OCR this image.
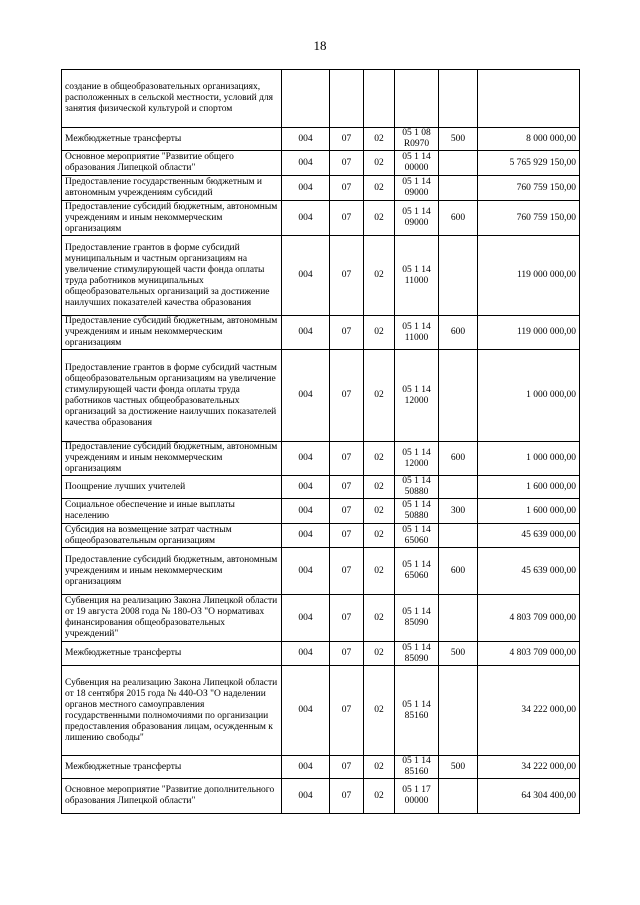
18
создание в общеобразовательных организациях, расположенных в сельской местности, условий для занятия физической культурой и спортом						
Межбюджетные трансферты	004	07	02	05 1 08 R0970	500	8 000 000,00
Основное мероприятие "Развитие общего образования Липецкой области"	004	07	02	05 1 14 00000		5 765 929 150,00
Предоставление государственным бюджетным и автономным учреждениям субсидий	004	07	02	05 1 14 09000		760 759 150,00
Предоставление субсидий бюджетным, автономным учреждениям и иным некоммерческим организациям	004	07	02	05 1 14 09000	600	760 759 150,00
Предоставление грантов в форме субсидий муниципальным и частным организациям на увеличение стимулирующей части фонда оплаты труда работников муниципальных общеобразовательных организаций за достижение наилучших показателей качества образования	004	07	02	05 1 14 11000		119 000 000,00
Предоставление субсидий бюджетным, автономным учреждениям и иным некоммерческим организациям	004	07	02	05 1 14 11000	600	119 000 000,00
Предоставление грантов в форме субсидий частным общеобразовательным организациям на увеличение стимулирующей части фонда оплаты труда работников частных общеобразовательных организаций за достижение наилучших показателей качества образования	004	07	02	05 1 14 12000		1 000 000,00
Предоставление субсидий бюджетным, автономным учреждениям и иным некоммерческим организациям	004	07	02	05 1 14 12000	600	1 000 000,00
Поощрение лучших учителей	004	07	02	05 1 14 50880		1 600 000,00
Социальное обеспечение и иные выплаты населению	004	07	02	05 1 14 50880	300	1 600 000,00
Субсидия на возмещение затрат частным общеобразовательным организациям	004	07	02	05 1 14 65060		45 639 000,00
Предоставление субсидий бюджетным, автономным учреждениям и иным некоммерческим организациям	004	07	02	05 1 14 65060	600	45 639 000,00
Субвенция на реализацию Закона Липецкой области от 19 августа 2008 года № 180-ОЗ "О нормативах финансирования общеобразовательных учреждений"	004	07	02	05 1 14 85090		4 803 709 000,00
Межбюджетные трансферты	004	07	02	05 1 14 85090	500	4 803 709 000,00
Субвенция на реализацию Закона Липецкой области от 18 сентября 2015 года № 440-ОЗ "О наделении органов местного самоуправления государственными полномочиями по организации предоставления образования лицам, осужденным к лишению свободы"	004	07	02	05 1 14 85160		34 222 000,00
Межбюджетные трансферты	004	07	02	05 1 14 85160	500	34 222 000,00
Основное мероприятие "Развитие дополнительного образования Липецкой области"	004	07	02	05 1 17 00000		64 304 400,00
